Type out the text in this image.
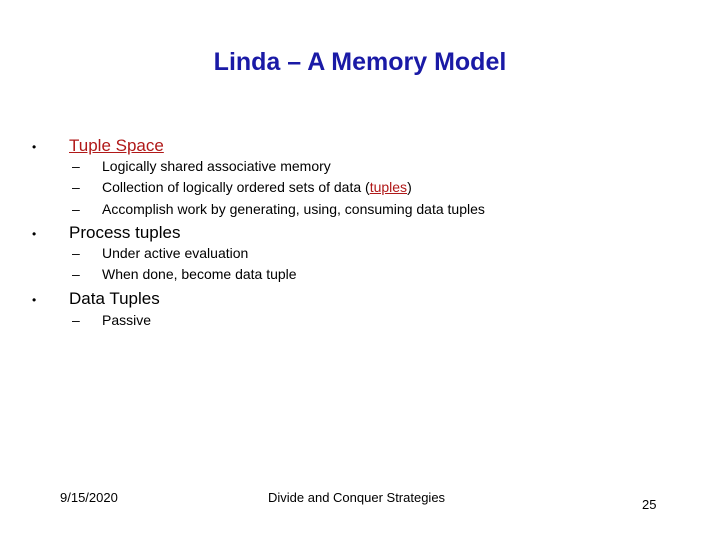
Linda – A Memory Model
• Tuple Space
– Logically shared associative memory
– Collection of logically ordered sets of data (tuples)
– Accomplish work by generating, using, consuming data tuples
• Process tuples
– Under active evaluation
– When done, become data tuple
• Data Tuples
– Passive
9/15/2020	Divide and Conquer Strategies	25
